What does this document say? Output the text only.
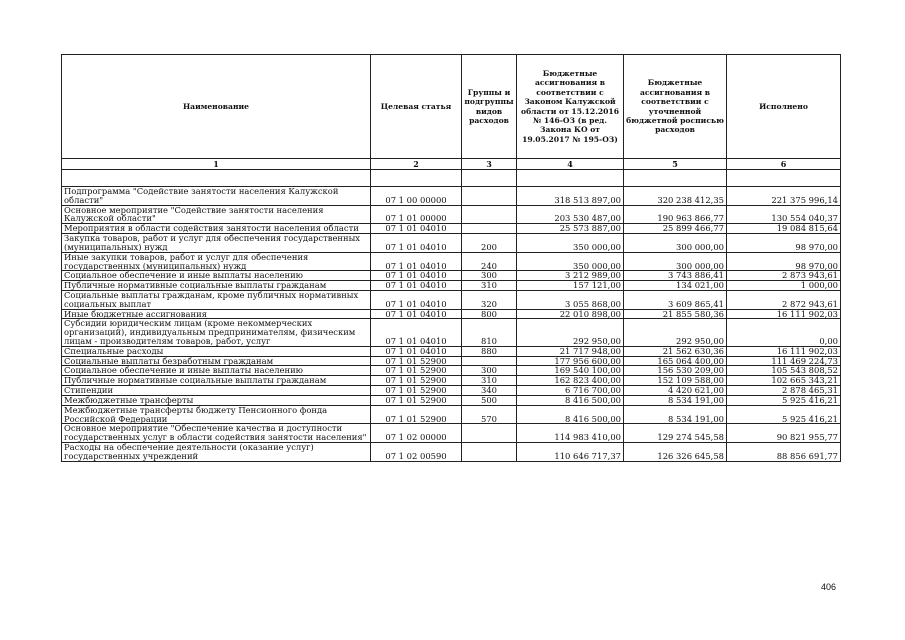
Наименование	Целевая статья	Группы и подгруппы видов расходов	Бюджетные ассигнования в соответствии с Законом Калужской области от 15.12.2016 № 146-ОЗ (в ред. Закона КО от 19.05.2017 № 195-ОЗ)	Бюджетные ассигнования в соответствии с уточненной бюджетной росписью расходов	Исполнено
1	2	3	4	5	6

Подпрограмма "Содействие занятости населения Калужской области"	07 1 00 00000		318 513 897,00	320 238 412,35	221 375 996,14
Основное мероприятие "Содействие занятости населения Калужской области"	07 1 01 00000		203 530 487,00	190 963 866,77	130 554 040,37
Мероприятия в области содействия занятости населения области	07 1 01 04010		25 573 887,00	25 899 466,77	19 084 815,64
Закупка товаров, работ и услуг для обеспечения государственных (муниципальных) нужд	07 1 01 04010	200	350 000,00	300 000,00	98 970,00
Иные закупки товаров, работ и услуг для обеспечения государственных (муниципальных) нужд	07 1 01 04010	240	350 000,00	300 000,00	98 970,00
Социальное обеспечение и иные выплаты населению	07 1 01 04010	300	3 212 989,00	3 743 886,41	2 873 943,61
Публичные нормативные социальные выплаты гражданам	07 1 01 04010	310	157 121,00	134 021,00	1 000,00
Социальные выплаты гражданам, кроме публичных нормативных социальных выплат	07 1 01 04010	320	3 055 868,00	3 609 865,41	2 872 943,61
Иные бюджетные ассигнования	07 1 01 04010	800	22 010 898,00	21 855 580,36	16 111 902,03
Субсидии юридическим лицам (кроме некоммерческих организаций), индивидуальным предпринимателям, физическим лицам - производителям товаров, работ, услуг	07 1 01 04010	810	292 950,00	292 950,00	0,00
Специальные расходы	07 1 01 04010	880	21 717 948,00	21 562 630,36	16 111 902,03
Социальные выплаты безработным гражданам	07 1 01 52900		177 956 600,00	165 064 400,00	111 469 224,73
Социальное обеспечение и иные выплаты населению	07 1 01 52900	300	169 540 100,00	156 530 209,00	105 543 808,52
Публичные нормативные социальные выплаты гражданам	07 1 01 52900	310	162 823 400,00	152 109 588,00	102 665 343,21
Стипендии	07 1 01 52900	340	6 716 700,00	4 420 621,00	2 878 465,31
Межбюджетные трансферты	07 1 01 52900	500	8 416 500,00	8 534 191,00	5 925 416,21
Межбюджетные трансферты бюджету Пенсионного фонда Российской Федерации	07 1 01 52900	570	8 416 500,00	8 534 191,00	5 925 416,21
Основное мероприятие "Обеспечение качества и доступности государственных услуг в области содействия занятости населения"	07 1 02 00000		114 983 410,00	129 274 545,58	90 821 955,77
Расходы на обеспечение деятельности (оказание услуг) государственных учреждений	07 1 02 00590		110 646 717,37	126 326 645,58	88 856 691,77
406
